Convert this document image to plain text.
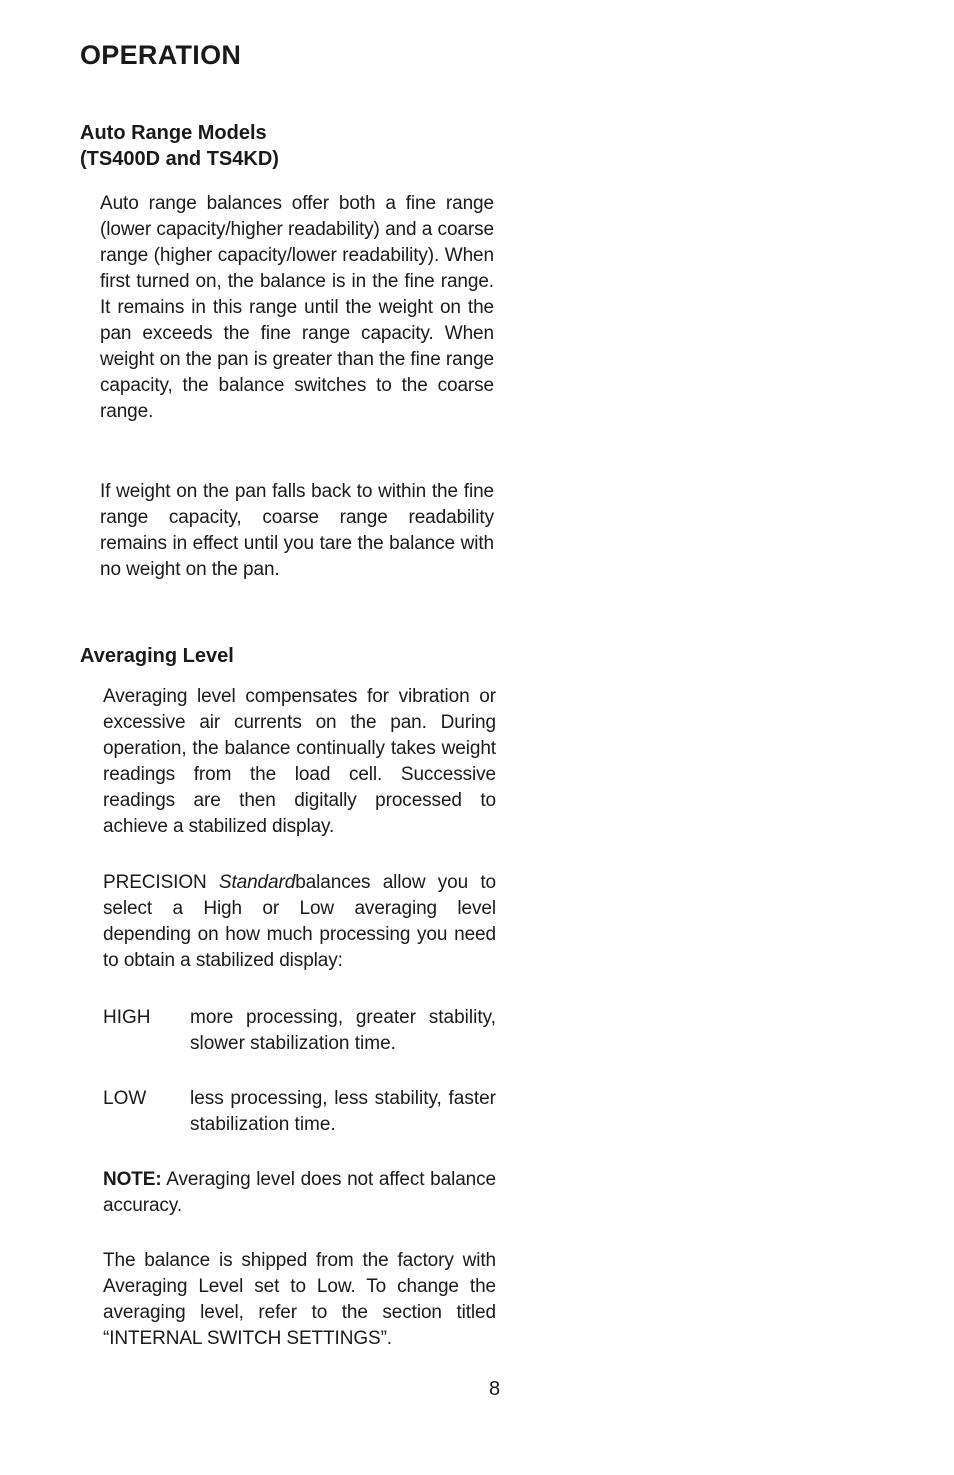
OPERATION
Auto Range Models
(TS400D and TS4KD)

Auto range balances offer both a fine range (lower capacity/higher readability) and a coarse range (higher capacity/lower readability). When first turned on, the balance is in the fine range. It remains in this range until the weight on the pan exceeds the fine range capacity. When weight on the pan is greater than the fine range capacity, the balance switches to the coarse range.

If weight on the pan falls back to within the fine range capacity, coarse range readability remains in effect until you tare the balance with no weight on the pan.

Averaging Level

Averaging level compensates for vibration or excessive air currents on the pan. During operation, the balance continually takes weight readings from the load cell. Successive readings are then digitally processed to achieve a stabilized display.

PRECISION Standardbalances allow you to select a High or Low averaging level depending on how much processing you need to obtain a stabilized display:

HIGH more processing, greater stability, slower stabilization time.
LOW less processing, less stability, faster stabilization time.

NOTE: Averaging level does not affect balance accuracy.

The balance is shipped from the factory with Averaging Level set to Low. To change the averaging level, refer to the section titled “INTERNAL SWITCH SETTINGS”.

8
